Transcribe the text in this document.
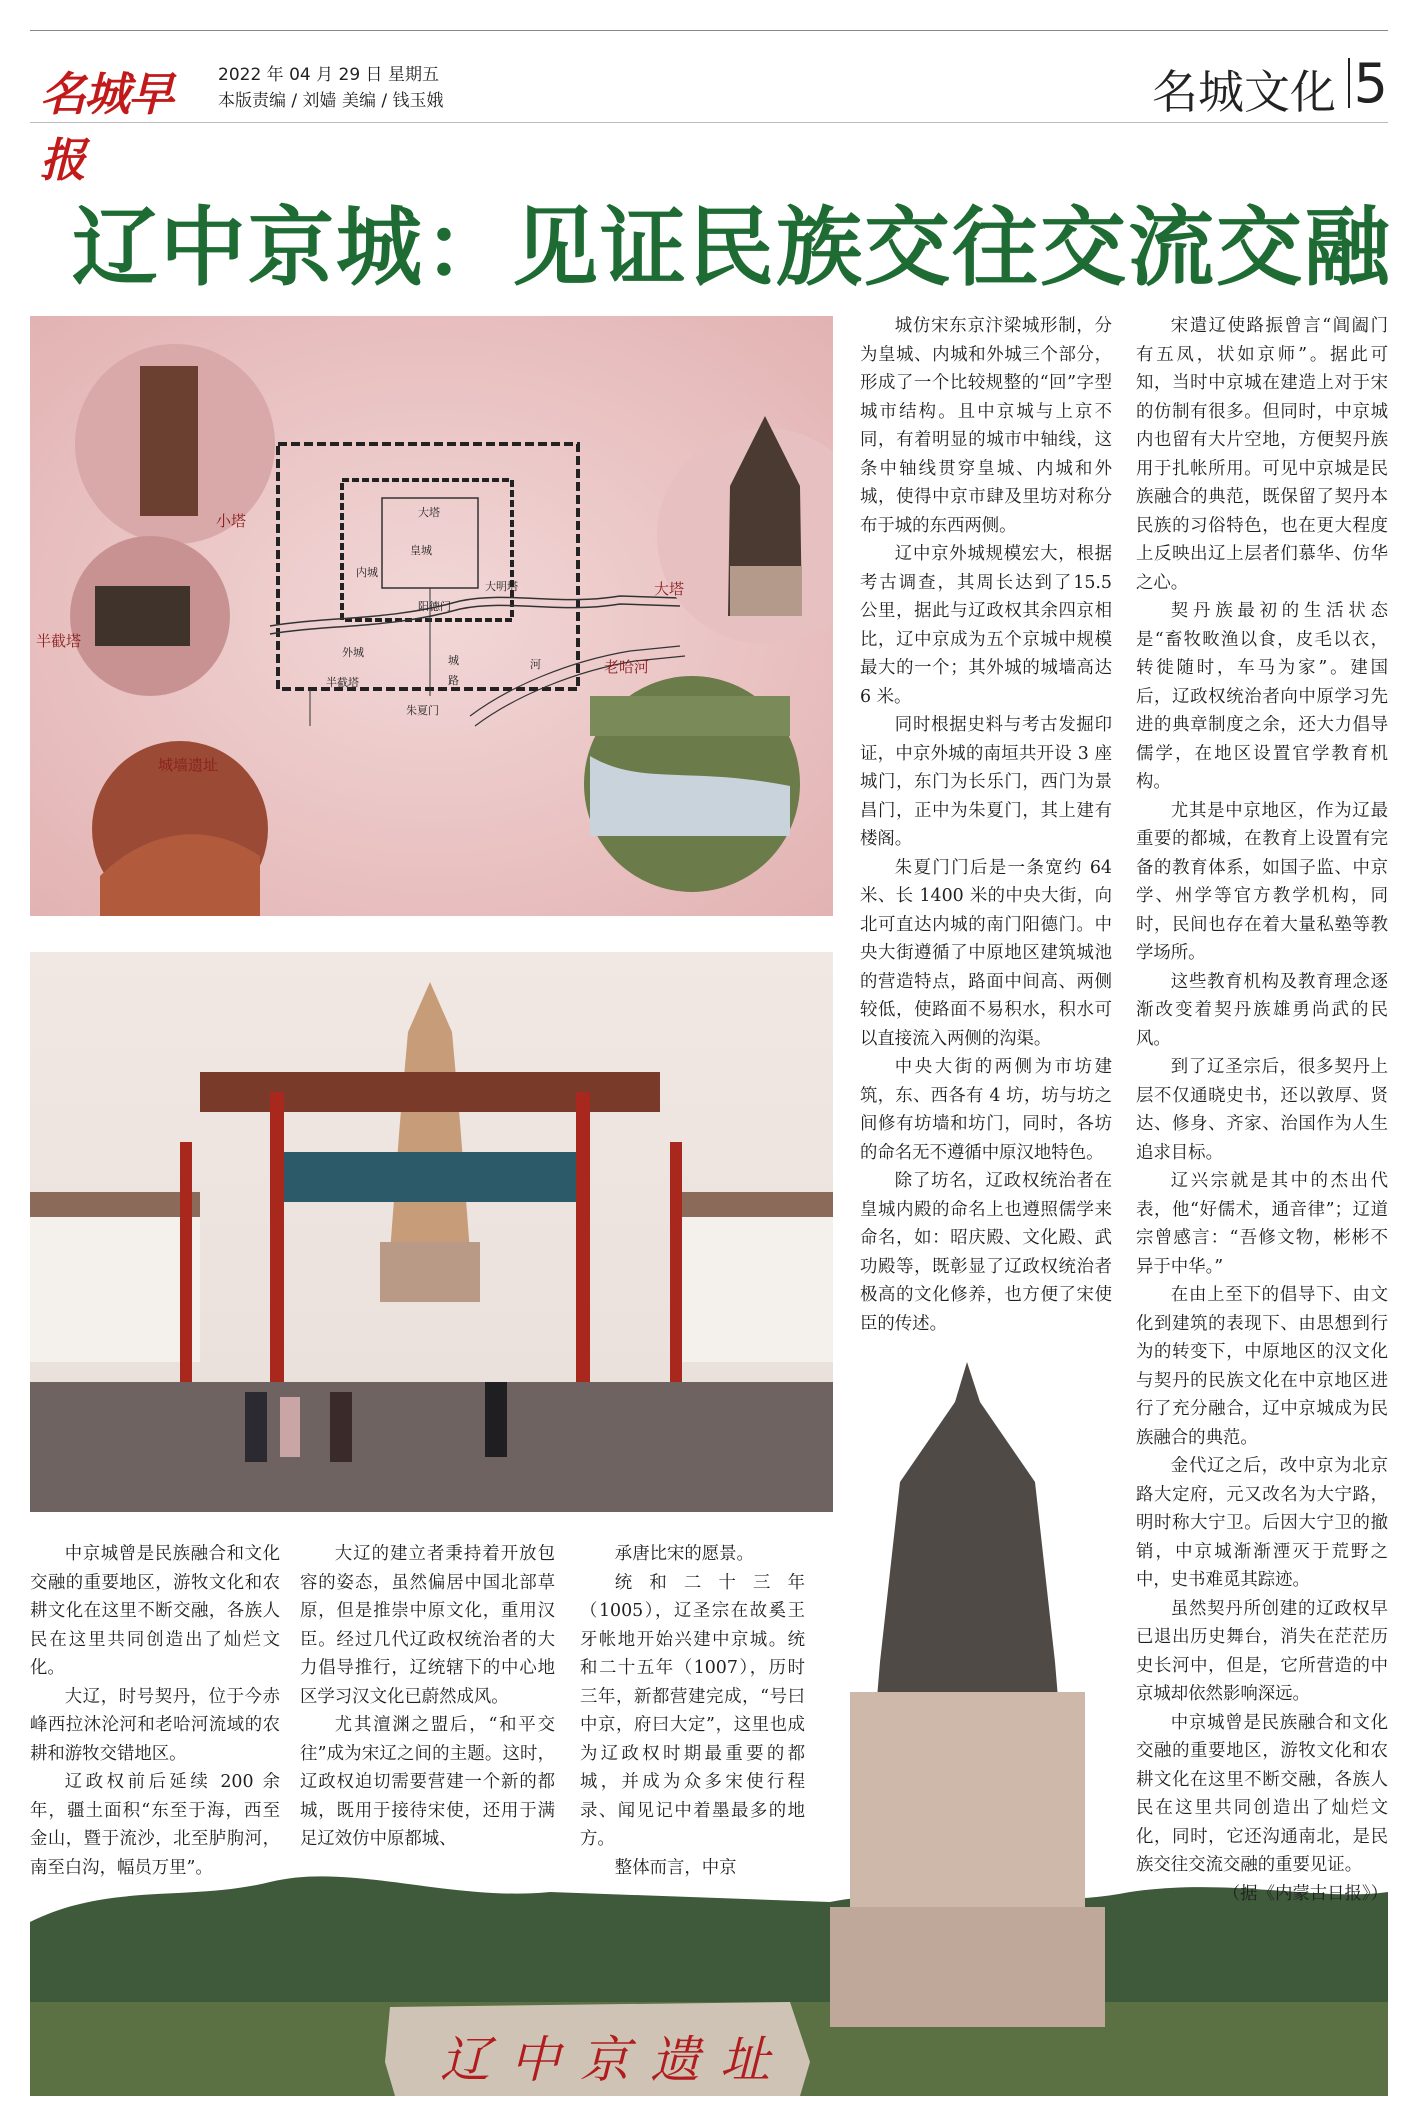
名城早报
2022 年 04 月 29 日 星期五
本版责编 / 刘嫱 美编 / 钱玉娥	名城文化 5
辽中京城：见证民族交往交流交融
小塔
大塔
半截塔
城墙遗址
老哈河
大塔
半截塔
皇城
内城
外城
朱夏门
大明塔
阳德门
城
路
河
辽中京遗址

中京城曾是民族融合和文化交融的重要地区，游牧文化和农耕文化在这里不断交融，各族人民在这里共同创造出了灿烂文化。

大辽，时号契丹，位于今赤峰西拉沐沦河和老哈河流域的农耕和游牧交错地区。

辽政权前后延续 200 余年，疆土面积“东至于海，西至金山，暨于流沙，北至胪朐河，南至白沟，幅员万里”。

大辽的建立者秉持着开放包容的姿态，虽然偏居中国北部草原，但是推崇中原文化，重用汉臣。经过几代辽政权统治者的大力倡导推行，辽统辖下的中心地区学习汉文化已蔚然成风。

尤其澶渊之盟后，“和平交往”成为宋辽之间的主题。这时，辽政权迫切需要营建一个新的都城，既用于接待宋使，还用于满足辽效仿中原都城、

承唐比宋的愿景。

统和二十三年（1005），辽圣宗在故奚王牙帐地开始兴建中京城。统和二十五年（1007），历时三年，新都营建完成，“号曰中京，府曰大定”，这里也成为辽政权时期最重要的都城，并成为众多宋使行程录、闻见记中着墨最多的地方。

整体而言，中京

城仿宋东京汴梁城形制，分为皇城、内城和外城三个部分，形成了一个比较规整的“回”字型城市结构。且中京城与上京不同，有着明显的城市中轴线，这条中轴线贯穿皇城、内城和外城，使得中京市肆及里坊对称分布于城的东西两侧。

辽中京外城规模宏大，根据考古调查，其周长达到了15.5 公里，据此与辽政权其余四京相比，辽中京成为五个京城中规模最大的一个；其外城的城墙高达 6 米。

同时根据史料与考古发掘印证，中京外城的南垣共开设 3 座城门，东门为长乐门，西门为景昌门，正中为朱夏门，其上建有楼阁。

朱夏门门后是一条宽约 64 米、长 1400 米的中央大街，向北可直达内城的南门阳德门。中央大街遵循了中原地区建筑城池的营造特点，路面中间高、两侧较低，使路面不易积水，积水可以直接流入两侧的沟渠。

中央大街的两侧为市坊建筑，东、西各有 4 坊，坊与坊之间修有坊墙和坊门，同时，各坊的命名无不遵循中原汉地特色。

除了坊名，辽政权统治者在皇城内殿的命名上也遵照儒学来命名，如：昭庆殿、文化殿、武功殿等，既彰显了辽政权统治者极高的文化修养，也方便了宋使臣的传述。

宋遣辽使路振曾言“阊阖门有五凤，状如京师”。据此可知，当时中京城在建造上对于宋的仿制有很多。但同时，中京城内也留有大片空地，方便契丹族用于扎帐所用。可见中京城是民族融合的典范，既保留了契丹本民族的习俗特色，也在更大程度上反映出辽上层者们慕华、仿华之心。

契丹族最初的生活状态是“畜牧畋渔以食，皮毛以衣，转徙随时，车马为家”。建国后，辽政权统治者向中原学习先进的典章制度之余，还大力倡导儒学，在地区设置官学教育机构。

尤其是中京地区，作为辽最重要的都城，在教育上设置有完备的教育体系，如国子监、中京学、州学等官方教学机构，同时，民间也存在着大量私塾等教学场所。

这些教育机构及教育理念逐渐改变着契丹族雄勇尚武的民风。

到了辽圣宗后，很多契丹上层不仅通晓史书，还以敦厚、贤达、修身、齐家、治国作为人生追求目标。

辽兴宗就是其中的杰出代表，他“好儒术，通音律”；辽道宗曾感言：“吾修文物，彬彬不异于中华。”

在由上至下的倡导下、由文化到建筑的表现下、由思想到行为的转变下，中原地区的汉文化与契丹的民族文化在中京地区进行了充分融合，辽中京城成为民族融合的典范。

金代辽之后，改中京为北京路大定府，元又改名为大宁路，明时称大宁卫。后因大宁卫的撤销，中京城渐渐湮灭于荒野之中，史书难觅其踪迹。

虽然契丹所创建的辽政权早已退出历史舞台，消失在茫茫历史长河中，但是，它所营造的中京城却依然影响深远。

中京城曾是民族融合和文化交融的重要地区，游牧文化和农耕文化在这里不断交融，各族人民在这里共同创造出了灿烂文化，同时，它还沟通南北，是民族交往交流交融的重要见证。

（据《内蒙古日报》）
